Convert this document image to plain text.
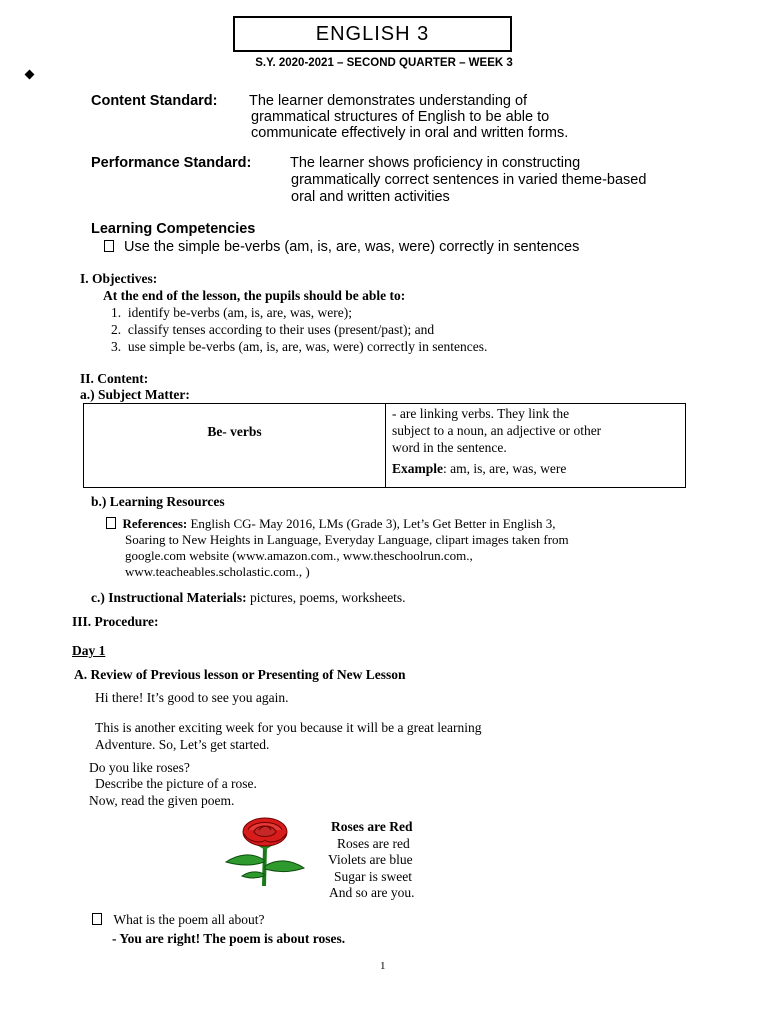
ENGLISH 3
S.Y. 2020-2021 – SECOND QUARTER – WEEK 3
Content Standard: The learner demonstrates understanding of
grammatical structures of English to be able to
communicate effectively in oral and written forms.
Performance Standard:	The learner shows proficiency in constructing
grammatically correct sentences in varied theme-based
oral and written activities
Learning Competencies
Use the simple be-verbs (am, is, are, was, were) correctly in sentences
I. Objectives:
At the end of the lesson, the pupils should be able to:
1.  identify be-verbs (am, is, are, was, were);
2.  classify tenses according to their uses (present/past); and
3.  use simple be-verbs (am, is, are, was, were) correctly in sentences.
II. Content:
a.) Subject Matter:
Be- verbs	
- are linking verbs. They link the
subject to a noun, an adjective or other
word in the sentence.
Example: am, is, are, was, were
b.) Learning Resources
References: English CG- May 2016, LMs (Grade 3), Let’s Get Better in English 3,
Soaring to New Heights in Language, Everyday Language, clipart images taken from
google.com website (www.amazon.com., www.theschoolrun.com.,
www.teacheables.scholastic.com., )
c.) Instructional Materials: pictures, poems, worksheets.
III. Procedure:
Day 1
A. Review of Previous lesson or Presenting of New Lesson
Hi there! It’s good to see you again.
This is another exciting week for you because it will be a great learning
Adventure. So, Let’s get started.
Do you like roses?
Describe the picture of a rose.
Now, read the given poem.
Roses are Red
Roses are red
Violets are blue
Sugar is sweet
And so are you.
What is the poem all about?
- You are right! The poem is about roses.
1
